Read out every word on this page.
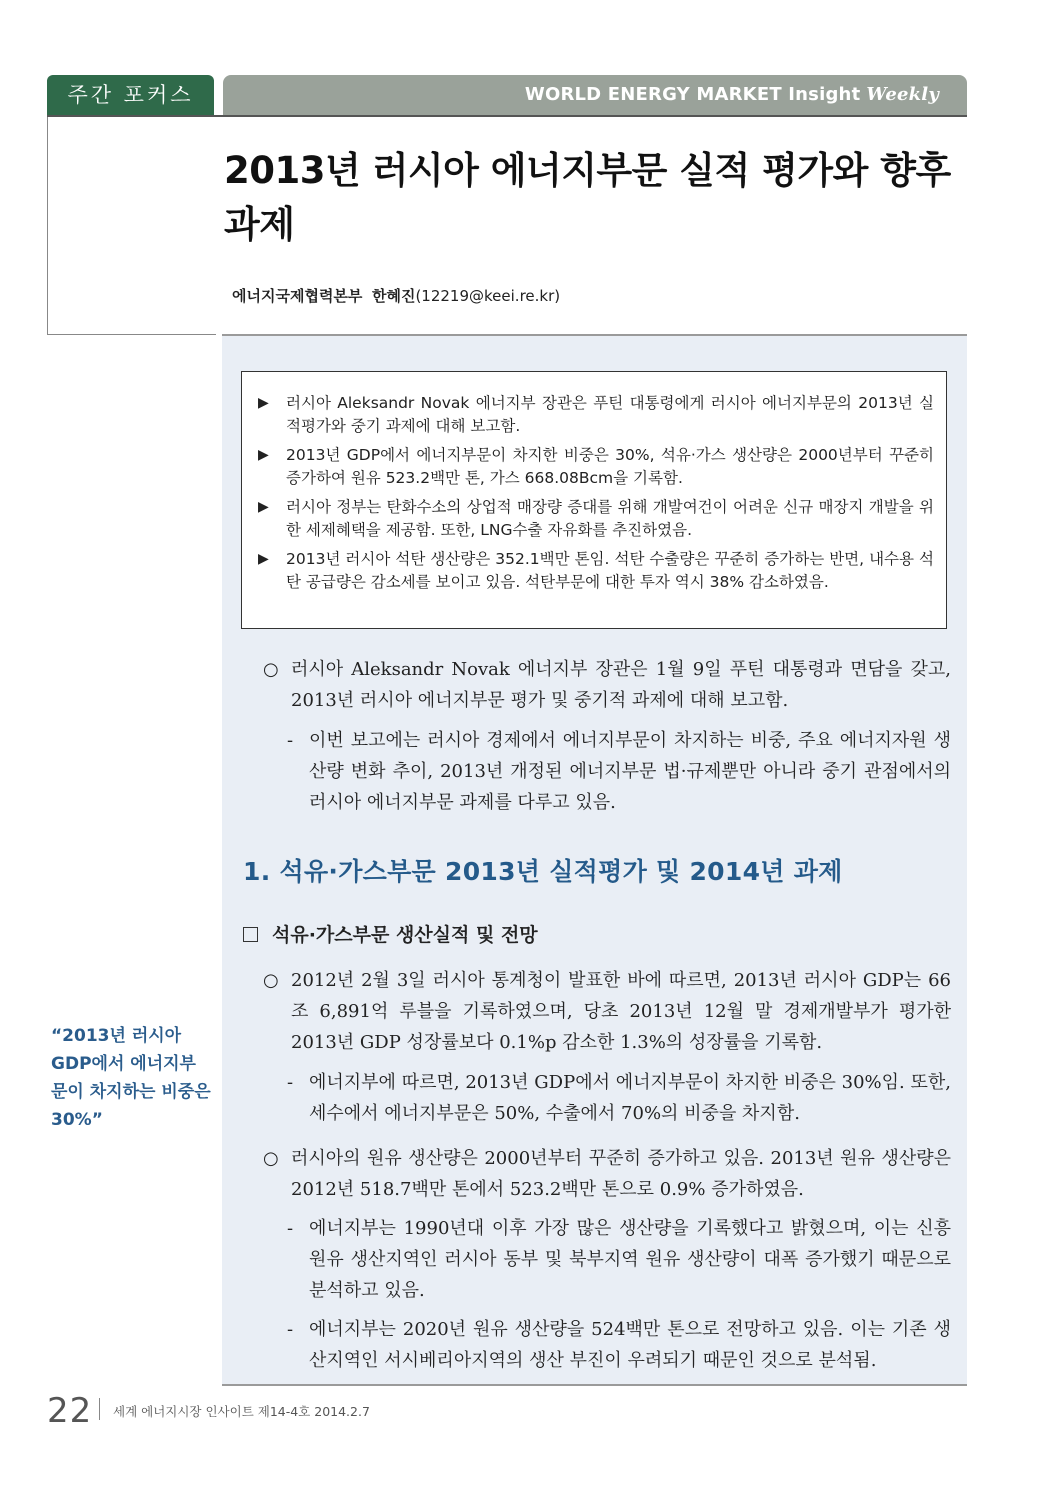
주간 포커스	WORLD ENERGY MARKET Insight Weekly
2013년 러시아 에너지부문 실적 평가와 향후 과제
에너지국제협력본부 한혜진(12219@keei.re.kr)
▶	러시아 Aleksandr Novak 에너지부 장관은 푸틴 대통령에게 러시아 에너지부문의 2013년 실적평가와 중기 과제에 대해 보고함.
▶	2013년 GDP에서 에너지부문이 차지한 비중은 30%, 석유·가스 생산량은 2000년부터 꾸준히 증가하여 원유 523.2백만 톤, 가스 668.08Bcm을 기록함.
▶	러시아 정부는 탄화수소의 상업적 매장량 증대를 위해 개발여건이 어려운 신규 매장지 개발을 위한 세제혜택을 제공함. 또한, LNG수출 자유화를 추진하였음.
▶	2013년 러시아 석탄 생산량은 352.1백만 톤임. 석탄 수출량은 꾸준히 증가하는 반면, 내수용 석탄 공급량은 감소세를 보이고 있음. 석탄부문에 대한 투자 역시 38% 감소하였음.
○ 러시아 Aleksandr Novak 에너지부 장관은 1월 9일 푸틴 대통령과 면담을 갖고, 2013년 러시아 에너지부문 평가 및 중기적 과제에 대해 보고함.
- 이번 보고에는 러시아 경제에서 에너지부문이 차지하는 비중, 주요 에너지자원 생산량 변화 추이, 2013년 개정된 에너지부문 법·규제뿐만 아니라 중기 관점에서의 러시아 에너지부문 과제를 다루고 있음.
1. 석유·가스부문 2013년 실적평가 및 2014년 과제
석유·가스부문 생산실적 및 전망
○ 2012년 2월 3일 러시아 통계청이 발표한 바에 따르면, 2013년 러시아 GDP는 66조 6,891억 루블을 기록하였으며, 당초 2013년 12월 말 경제개발부가 평가한 2013년 GDP 성장률보다 0.1%p 감소한 1.3%의 성장률을 기록함.
- 에너지부에 따르면, 2013년 GDP에서 에너지부문이 차지한 비중은 30%임. 또한, 세수에서 에너지부문은 50%, 수출에서 70%의 비중을 차지함.
○ 러시아의 원유 생산량은 2000년부터 꾸준히 증가하고 있음. 2013년 원유 생산량은 2012년 518.7백만 톤에서 523.2백만 톤으로 0.9% 증가하였음.
- 에너지부는 1990년대 이후 가장 많은 생산량을 기록했다고 밝혔으며, 이는 신흥 원유 생산지역인 러시아 동부 및 북부지역 원유 생산량이 대폭 증가했기 때문으로 분석하고 있음.
- 에너지부는 2020년 원유 생산량을 524백만 톤으로 전망하고 있음. 이는 기존 생산지역인 서시베리아지역의 생산 부진이 우려되기 때문인 것으로 분석됨.
“2013년 러시아 GDP에서 에너지부문이 차지하는 비중은 30%”
22 세계 에너지시장 인사이트 제14-4호 2014.2.7
